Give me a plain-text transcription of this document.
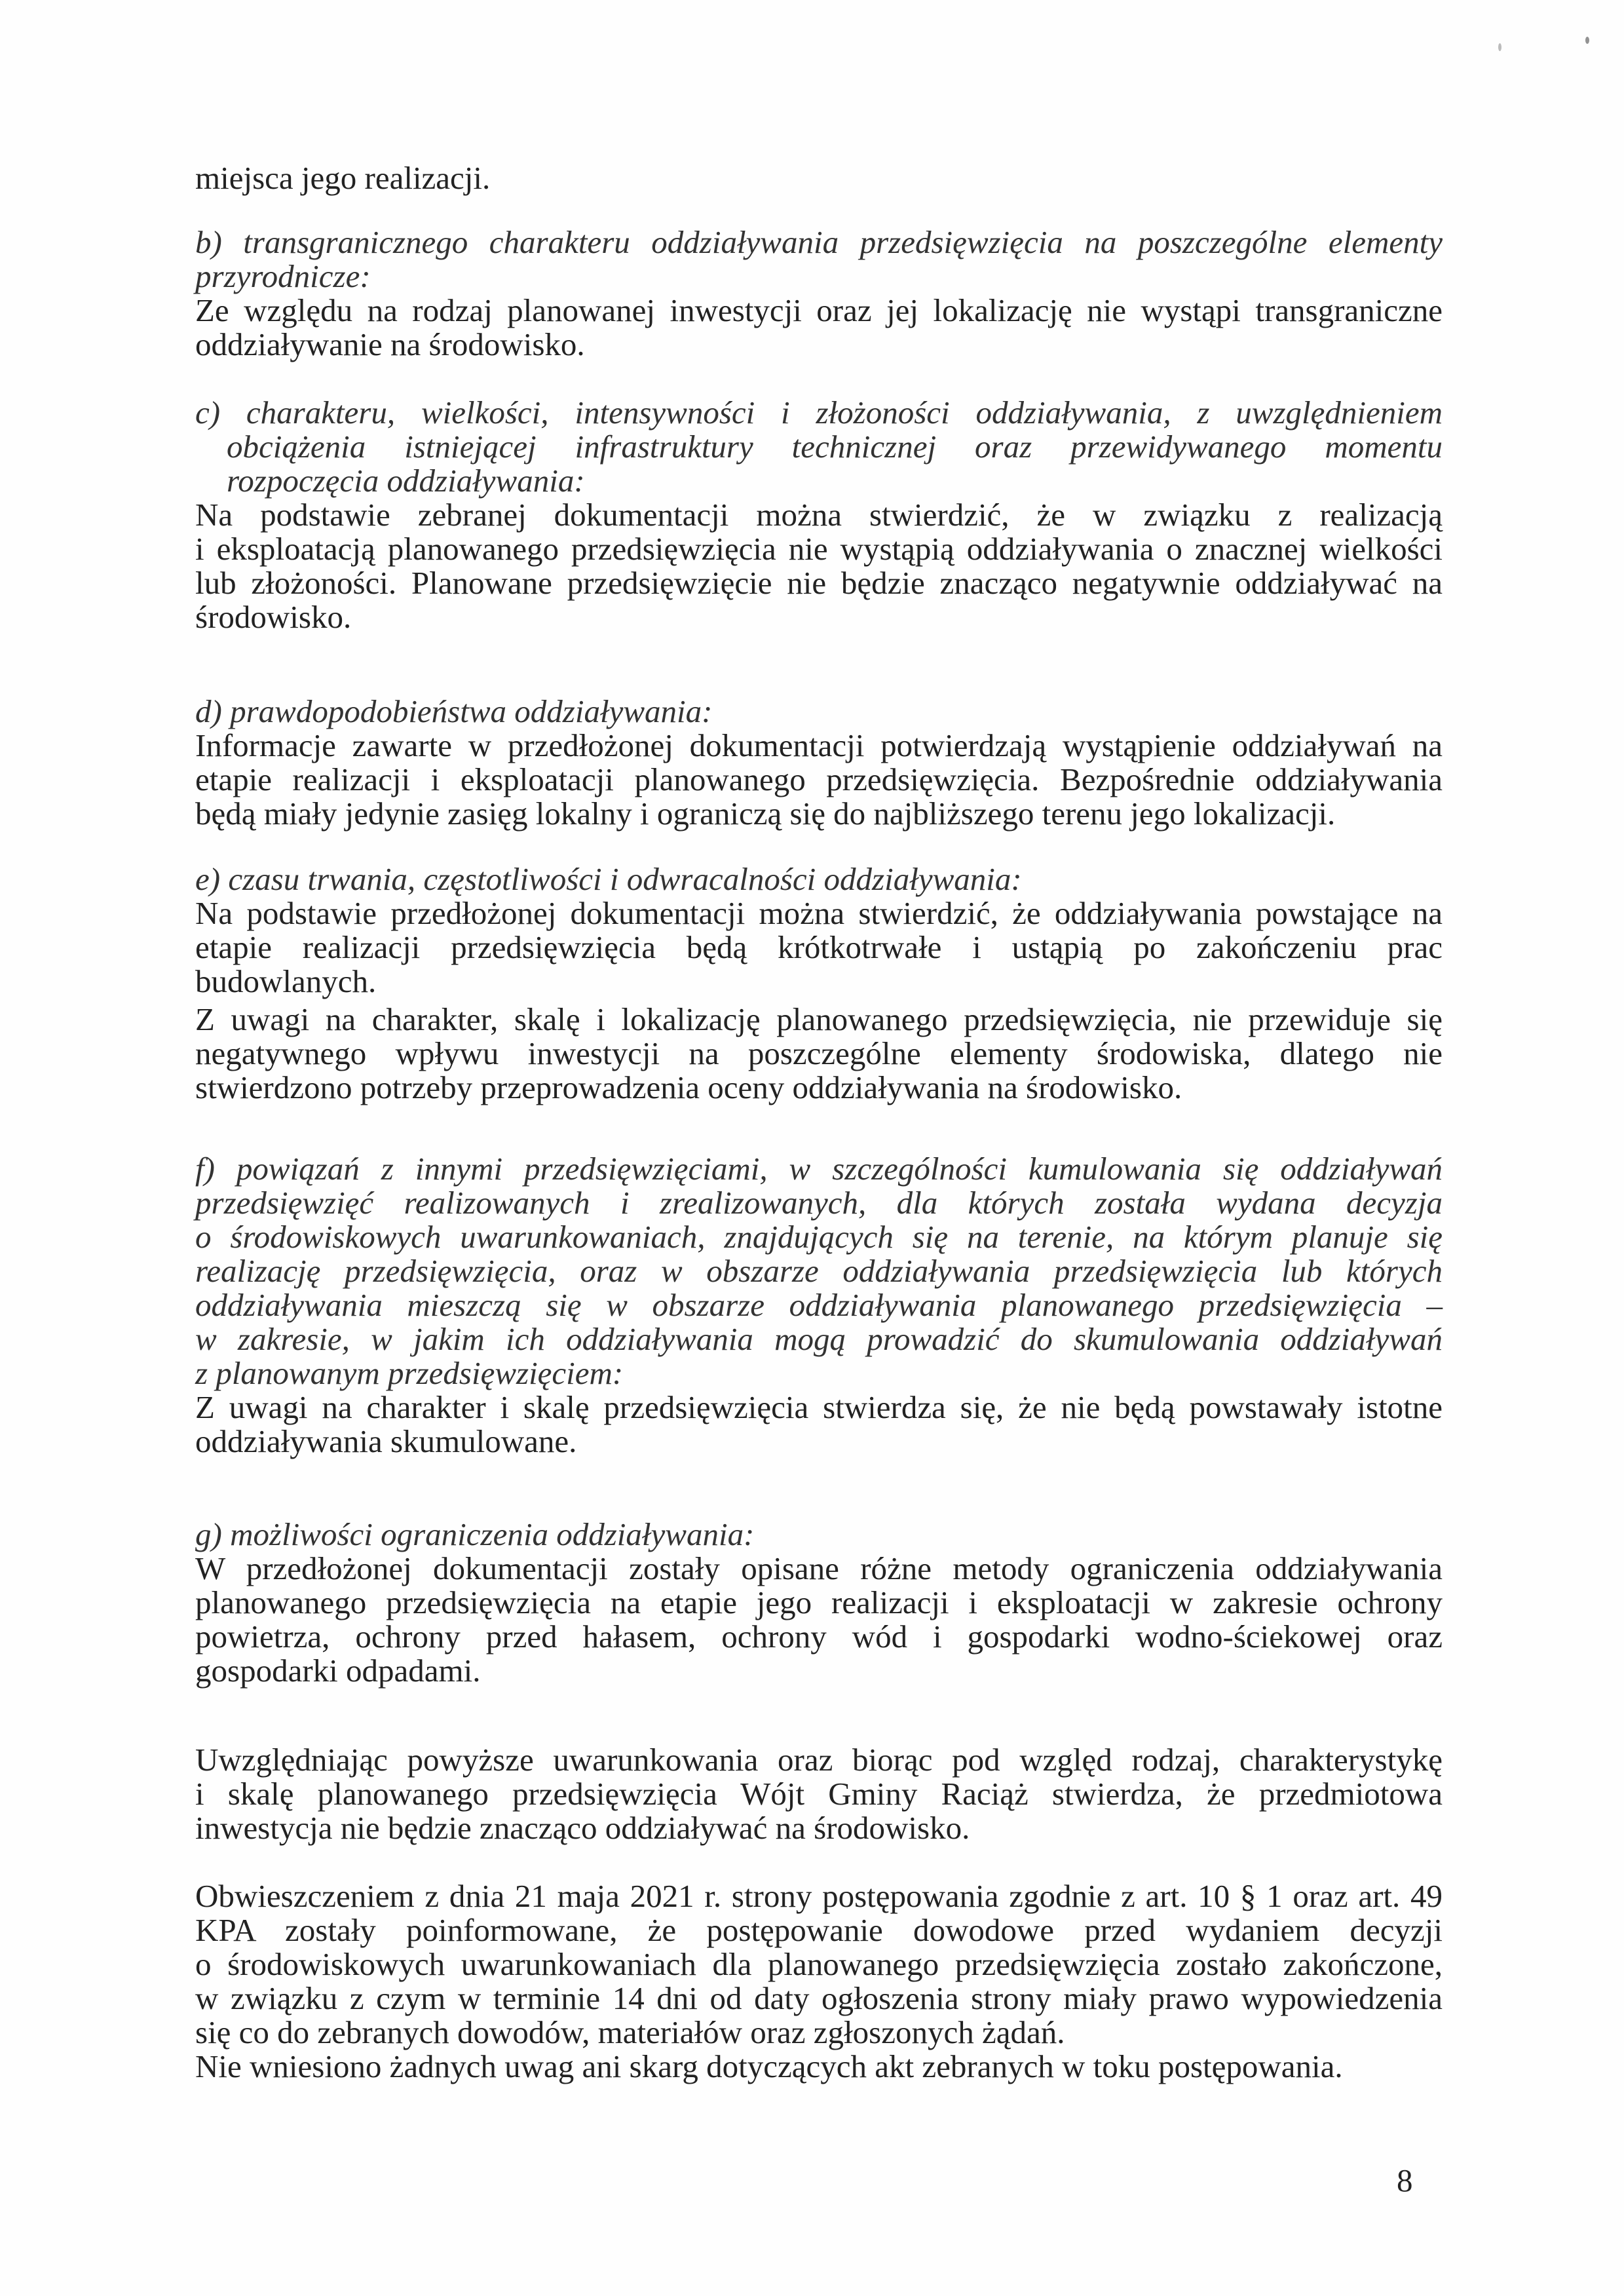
miejsca jego realizacji.
b) transgranicznego charakteru oddziaływania przedsięwzięcia na poszczególne elementy
przyrodnicze:
Ze względu na rodzaj planowanej inwestycji oraz jej lokalizację nie wystąpi transgraniczne
oddziaływanie na środowisko.
c) charakteru, wielkości, intensywności i złożoności oddziaływania, z uwzględnieniem
obciążenia istniejącej infrastruktury technicznej oraz przewidywanego momentu
rozpoczęcia oddziaływania:
Na podstawie zebranej dokumentacji można stwierdzić, że w związku z realizacją
i eksploatacją planowanego przedsięwzięcia nie wystąpią oddziaływania o znacznej wielkości
lub złożoności. Planowane przedsięwzięcie nie będzie znacząco negatywnie oddziaływać na
środowisko.
d) prawdopodobieństwa oddziaływania:
Informacje zawarte w przedłożonej dokumentacji potwierdzają wystąpienie oddziaływań na
etapie realizacji i eksploatacji planowanego przedsięwzięcia. Bezpośrednie oddziaływania
będą miały jedynie zasięg lokalny i ograniczą się do najbliższego terenu jego lokalizacji.
e) czasu trwania, częstotliwości i odwracalności oddziaływania:
Na podstawie przedłożonej dokumentacji można stwierdzić, że oddziaływania powstające na
etapie realizacji przedsięwzięcia będą krótkotrwałe i ustąpią po zakończeniu prac
budowlanych.
Z uwagi na charakter, skalę i lokalizację planowanego przedsięwzięcia, nie przewiduje się
negatywnego wpływu inwestycji na poszczególne elementy środowiska, dlatego nie
stwierdzono potrzeby przeprowadzenia oceny oddziaływania na środowisko.
f) powiązań z innymi przedsięwzięciami, w szczególności kumulowania się oddziaływań
przedsięwzięć realizowanych i zrealizowanych, dla których została wydana decyzja
o środowiskowych uwarunkowaniach, znajdujących się na terenie, na którym planuje się
realizację przedsięwzięcia, oraz w obszarze oddziaływania przedsięwzięcia lub których
oddziaływania mieszczą się w obszarze oddziaływania planowanego przedsięwzięcia –
w zakresie, w jakim ich oddziaływania mogą prowadzić do skumulowania oddziaływań
z planowanym przedsięwzięciem:
Z uwagi na charakter i skalę przedsięwzięcia stwierdza się, że nie będą powstawały istotne
oddziaływania skumulowane.
g) możliwości ograniczenia oddziaływania:
W przedłożonej dokumentacji zostały opisane różne metody ograniczenia oddziaływania
planowanego przedsięwzięcia na etapie jego realizacji i eksploatacji w zakresie ochrony
powietrza, ochrony przed hałasem, ochrony wód i gospodarki wodno-ściekowej oraz
gospodarki odpadami.
Uwzględniając powyższe uwarunkowania oraz biorąc pod względ rodzaj, charakterystykę
i skalę planowanego przedsięwzięcia Wójt Gminy Raciąż stwierdza, że przedmiotowa
inwestycja nie będzie znacząco oddziaływać na środowisko.
Obwieszczeniem z dnia 21 maja 2021 r. strony postępowania zgodnie z art. 10 § 1 oraz art. 49
KPA zostały poinformowane, że postępowanie dowodowe przed wydaniem decyzji
o środowiskowych uwarunkowaniach dla planowanego przedsięwzięcia zostało zakończone,
w związku z czym w terminie 14 dni od daty ogłoszenia strony miały prawo wypowiedzenia
się co do zebranych dowodów, materiałów oraz zgłoszonych żądań.
Nie wniesiono żadnych uwag ani skarg dotyczących akt zebranych w toku postępowania.
8
